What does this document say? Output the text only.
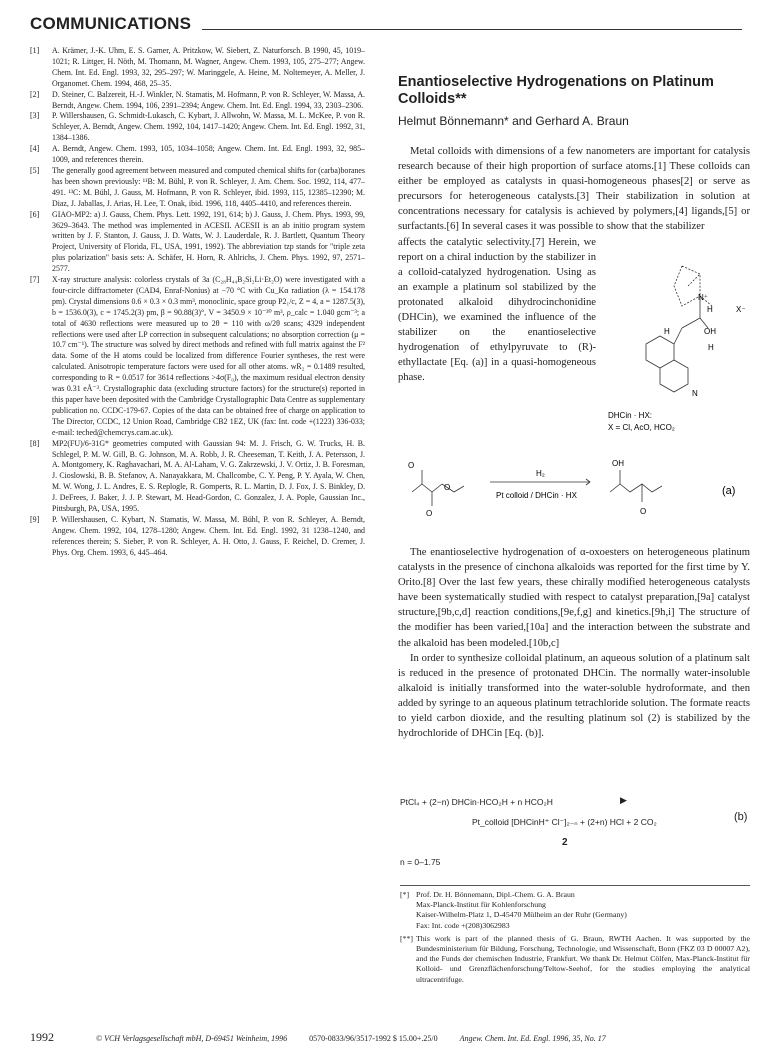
COMMUNICATIONS
[1] A. Krämer, J.-K. Uhm, E. S. Garner, A. Pritzkow, W. Siebert, Z. Naturforsch. B 1990, 45, 1019–1021; R. Littger, H. Nöth, M. Thomann, M. Wagner, Angew. Chem. 1993, 105, 275–277; Angew. Chem. Int. Ed. Engl. 1993, 32, 295–297; W. Maringgele, A. Heine, M. Noltemeyer, A. Meller, J. Organomet. Chem. 1994, 468, 25–35.
[2] D. Steiner, C. Balzereit, H.-J. Winkler, N. Stamatis, M. Hofmann, P. von R. Schleyer, W. Massa, A. Berndt, Angew. Chem. 1994, 106, 2391–2394; Angew. Chem. Int. Ed. Engl. 1994, 33, 2303–2306.
[3] P. Willershausen, G. Schmidt-Lukasch, C. Kybart, J. Allwohn, W. Massa, M. L. McKee, P. von R. Schleyer, A. Berndt, Angew. Chem. 1992, 104, 1417–1420; Angew. Chem. Int. Ed. Engl. 1992, 31, 1384–1386.
[4] A. Berndt, Angew. Chem. 1993, 105, 1034–1058; Angew. Chem. Int. Ed. Engl. 1993, 32, 985–1009, and references therein.
[5] The generally good agreement between measured and computed chemical shifts for (carba)boranes has been shown previously: ¹¹B: M. Bühl, P. von R. Schleyer, J. Am. Chem. Soc. 1992, 114, 477–491. ¹³C: M. Bühl, J. Gauss, M. Hofmann, P. von R. Schleyer, ibid. 1993, 115, 12385–12390; M. Diaz, J. Jaballas, J. Arias, H. Lee, T. Onak, ibid. 1996, 118, 4405–4410, and references therein.
[6] GIAO-MP2: a) J. Gauss, Chem. Phys. Lett. 1992, 191, 614; b) J. Gauss, J. Chem. Phys. 1993, 99, 3629–3643. The method was implemented in ACESII. ACESII is an ab initio program system written by J. F. Stanton, J. Gauss, J. D. Watts, W. J. Lauderdale, R. J. Bartlett, Quantum Theory Project, University of Florida, FL, USA, 1991, 1992). The abbreviation tzp stands for "triple zeta plus polarization" basis sets: A. Schäfer, H. Horn, R. Ahlrichs, J. Chem. Phys. 1992, 97, 2571–2577.
[7] X-ray structure analysis: colorless crystals of 3a (C₂₈H₄₄B₂Si₂Li·Et₂O) were investigated with a four-circle diffractometer (CAD4, Enraf-Nonius) at −70 °C with Cu_Kα radiation (λ = 154.178 pm). Crystal dimensions 0.6 × 0.3 × 0.3 mm³, monoclinic, space group P2₁/c, Z = 4, a = 1287.5(3), b = 1536.0(3), c = 1745.2(3) pm, β = 90.88(3)°, V = 3450.9 × 10⁻³⁰ m³, ρ_calc = 1.040 gcm⁻³; a total of 4630 reflections were measured up to 2θ = 110 with ω/2θ scans; 4329 independent reflections were used after LP correction in subsequent calculations; no absorption correction (μ = 10.7 cm⁻¹). The structure was solved by direct methods and refined with full matrix against the F² data. Some of the H atoms could be localized from difference Fourier syntheses, the rest were calculated. Anisotropic temperature factors were used for all other atoms. wR₂ = 0.1489 resulted, corresponding to R = 0.0517 for 3614 reflections >4σ(F₀), the maximum residual electron density was 0.31 eÅ⁻³. Crystallographic data (excluding structure factors) for the structure(s) reported in this paper have been deposited with the Cambridge Crystallographic Data Centre as supplementary publication no. CCDC-179-67. Copies of the data can be obtained free of charge on application to The Director, CCDC, 12 Union Road, Cambridge CB2 1EZ, UK (fax: Int. code +(1223) 336-033; e-mail: teched@chemcrys.cam.ac.uk).
[8] MP2(FU)/6-31G* geometries computed with Gaussian 94: M. J. Frisch, G. W. Trucks, H. B. Schlegel, P. M. W. Gill, B. G. Johnson, M. A. Robb, J. R. Cheeseman, T. Keith, J. A. Petersson, J. A. Montgomery, K. Raghavachari, M. A. Al-Laham, V. G. Zakrzewski, J. V. Ortiz, J. B. Foresman, J. Cioslowski, B. B. Stefanov, A. Nanayakkara, M. Challcombe, C. Y. Peng, P. Y. Ayala, W. Chen, M. W. Wong, J. L. Andres, E. S. Replogle, R. Gomperts, R. L. Martin, D. J. Fox, J. S. Binkley, D. J. DeFrees, J. Baker, J. J. P. Stewart, M. Head-Gordon, C. Gonzalez, J. A. Pople, Gaussian Inc., Pittsburgh, PA, USA, 1995.
[9] P. Willershausen, C. Kybart, N. Stamatis, W. Massa, M. Bühl, P. von R. Schleyer, A. Berndt, Angew. Chem. 1992, 104, 1278–1280; Angew. Chem. Int. Ed. Engl. 1992, 31 1238–1240, and references therein; S. Sieber, P. von R. Schleyer, A. H. Otto, J. Gauss, F. Reichel, D. Cremer, J. Phys. Org. Chem. 1993, 6, 445–464.
Enantioselective Hydrogenations on Platinum Colloids**
Helmut Bönnemann* and Gerhard A. Braun

Metal colloids with dimensions of a few nanometers are important for catalysis research because of their high proportion of surface atoms.[1] These colloids can either be employed as catalysts in quasi-homogeneous phases[2] or serve as precursors for heterogeneous catalysts.[3] Their stabilization in solution at concentrations necessary for catalysis is achieved by polymers,[4] ligands,[5] or surfactants.[6] In several cases it was possible to show that the stabilizer

affects the catalytic selectivity.[7] Herein, we report on a chiral induction by the stabilizer in a colloid-catalyzed hydrogenation. Using as an example a platinum sol stabilized by the protonated alkaloid dihydrocinchonidine (DHCin), we examined the influence of the stabilizer on the enantioselective hydrogenation of ethylpyruvate to (R)-ethyllactate [Eq. (a)] in a quasi-homogeneous phase.

N⁺
H	X⁻
OH
H
H
N
DHCin · HX:
X = Cl, AcO, HCO₂
O
O
O
H₂
Pt colloid / DHCin · HX
OH
O
(a)

The enantioselective hydrogenation of α-oxoesters on heterogeneous platinum catalysts in the presence of cinchona alkaloids was reported for the first time by Y. Orito.[8] Over the last few years, these chirally modified heterogeneous catalysts have been systematically studied with respect to catalyst preparation,[9a] catalyst structure,[9b,c,d] reaction conditions,[9e,f,g] and kinetics.[9h,i] The structure of the modifier has been varied,[10a] and the interaction between the substrate and the alkaloid has been modeled.[10b,c]

In order to synthesize colloidal platinum, an aqueous solution of a platinum salt is reduced in the presence of protonated DHCin. The normally water-insoluble alkaloid is initially transformed into the water-soluble hydroformate, and then added by syringe to an aqueous platinum tetrachloride solution. The formate reacts to yield carbon dioxide, and the resulting platinum sol (2) is stabilized by the hydrochloride of DHCin [Eq. (b)].

PtCl₄ + (2−n) DHCin·HCO₂H + n HCO₂H	▶
(b)
Pt_colloid [DHCinH⁺ Cl⁻]₂₋ₙ + (2+n) HCl + 2 CO₂
2
n = 0–1.75
[*] Prof. Dr. H. Bönnemann, Dipl.-Chem. G. A. Braun
Max-Planck-Institut für Kohlenforschung
Kaiser-Wilhelm-Platz 1, D-45470 Mülheim an der Ruhr (Germany)
Fax: Int. code +(208)3062983
[**] This work is part of the planned thesis of G. Braun, RWTH Aachen. It was supported by the Bundesministerium für Bildung, Forschung, Technologie, und Wissenschaft, Bonn (FKZ 03 D 00007 A2), and the Funds der chemischen Industrie, Frankfurt. We thank Dr. Helmut Cölfen, Max-Planck-Institut für Kolloid- und Grenzflächenforschung/Teltow-Seehof, for the studies employing the analytical ultracentrifuge.
1992	© VCH Verlagsgesellschaft mbH, D-69451 Weinheim, 1996	0570-0833/96/3517-1992 $ 15.00+.25/0	Angew. Chem. Int. Ed. Engl. 1996, 35, No. 17
